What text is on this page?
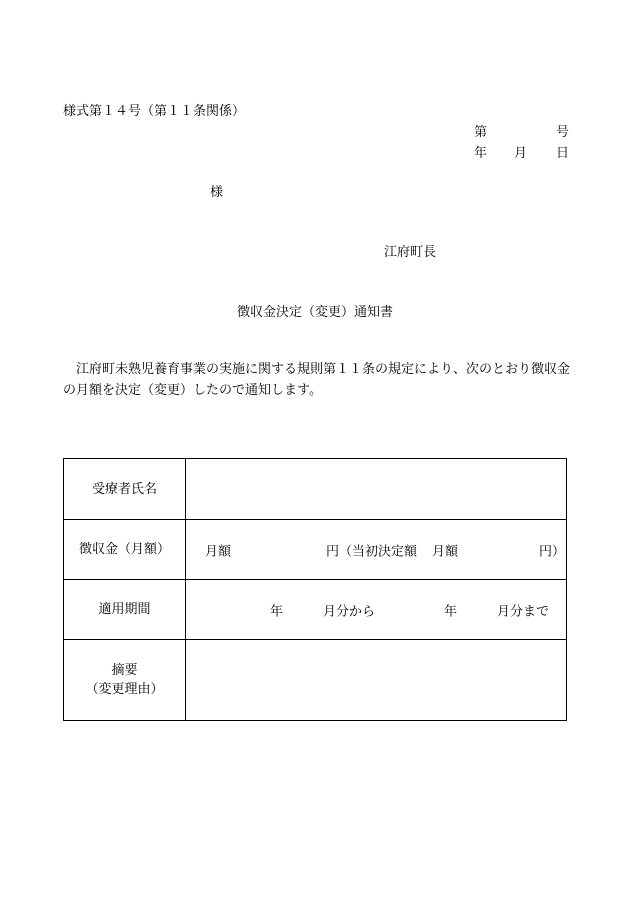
様式第１４号（第１１条関係）
第	号
年 月 日
様
江府町長
徴収金決定（変更）通知書

江府町未熟児養育事業の実施に関する規則第１１条の規定により、次のとおり徴収金の月額を決定（変更）したので通知します。

受療者氏名	
徴収金（月額）	月額 円（当初決定額 月額 円）

適用期間	年 月分から 年 月分まで

摘要
（変更理由）	
